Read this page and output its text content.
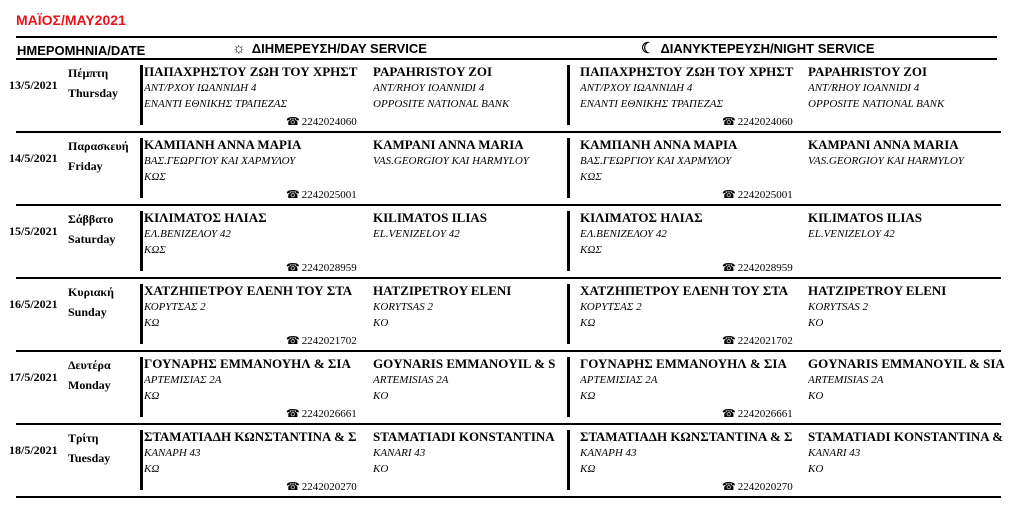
ΜΑΪΟΣ/ΜΑΥ2021
ΗΜΕΡΟΜΗΝΙΑ/DATE	☼ ΔΙΗΜΕΡΕΥΣΗ/DAY SERVICE	☾ ΔΙΑΝΥΚΤΕΡΕΥΣΗ/NIGHT SERVICE
13/5/2021
Πέμπτη
Thursday
ΠΑΠΑΧΡΗΣΤΟΥ ΖΩΗ ΤΟΥ ΧΡΗΣΤ
ΑΝΤ/ΡΧΟΥ ΙΩΑΝΝΙΔΗ 4
ΕΝΑΝΤΙ ΕΘΝΙΚΗΣ ΤΡΑΠΕΖΑΣ
☎ 2242024060
PAPAHRISTOY ZOI
ANT/RHOY IOANNIDI 4
OPPOSITE NATIONAL BANK
ΠΑΠΑΧΡΗΣΤΟΥ ΖΩΗ ΤΟΥ ΧΡΗΣΤ
ΑΝΤ/ΡΧΟΥ ΙΩΑΝΝΙΔΗ 4
ΕΝΑΝΤΙ ΕΘΝΙΚΗΣ ΤΡΑΠΕΖΑΣ
☎ 2242024060
PAPAHRISTOY ZOI
ANT/RHOY IOANNIDI 4
OPPOSITE NATIONAL BANK
14/5/2021
Παρασκευή
Friday
ΚΑΜΠΑΝΗ ΑΝΝΑ ΜΑΡΙΑ
ΒΑΣ.ΓΕΩΡΓΙΟΥ ΚΑΙ ΧΑΡΜΥΛΟΥ
ΚΩΣ
☎ 2242025001
KAMPANI ANNA MARIA
VAS.GEORGIOY KAI HARMYLOY
ΚΑΜΠΑΝΗ ΑΝΝΑ ΜΑΡΙΑ
ΒΑΣ.ΓΕΩΡΓΙΟΥ ΚΑΙ ΧΑΡΜΥΛΟΥ
ΚΩΣ
☎ 2242025001
KAMPANI ANNA MARIA
VAS.GEORGIOY KAI HARMYLOY
15/5/2021
Σάββατο
Saturday
ΚΙΛΙΜΑΤΟΣ ΗΛΙΑΣ
ΕΛ.ΒΕΝΙΖΕΛΟΥ 42
ΚΩΣ
☎ 2242028959
KILIMATOS ILIAS
EL.VENIZELOY 42
ΚΙΛΙΜΑΤΟΣ ΗΛΙΑΣ
ΕΛ.ΒΕΝΙΖΕΛΟΥ 42
ΚΩΣ
☎ 2242028959
KILIMATOS ILIAS
EL.VENIZELOY 42
16/5/2021
Κυριακή
Sunday
ΧΑΤΖΗΠΕΤΡΟΥ ΕΛΕΝΗ ΤΟΥ ΣΤΑ
ΚΟΡΥΤΣΑΣ 2
ΚΩ
☎ 2242021702
HATZIPETROY ELENI
KORYTSAS 2
KO
ΧΑΤΖΗΠΕΤΡΟΥ ΕΛΕΝΗ ΤΟΥ ΣΤΑ
ΚΟΡΥΤΣΑΣ 2
ΚΩ
☎ 2242021702
HATZIPETROY ELENI
KORYTSAS 2
KO
17/5/2021
Δευτέρα
Monday
ΓΟΥΝΑΡΗΣ ΕΜΜΑΝΟΥΗΛ & ΣΙΑ
ΑΡΤΕΜΙΣΙΑΣ 2Α
ΚΩ
☎ 2242026661
GOYNARIS EMMANOYIL & S
ARTEMISIAS 2A
KO
ΓΟΥΝΑΡΗΣ ΕΜΜΑΝΟΥΗΛ & ΣΙΑ
ΑΡΤΕΜΙΣΙΑΣ 2Α
ΚΩ
☎ 2242026661
GOYNARIS EMMANOYIL & SIA
ARTEMISIAS 2A
KO
18/5/2021
Τρίτη
Tuesday
ΣΤΑΜΑΤΙΑΔΗ ΚΩΝΣΤΑΝΤΙΝΑ & Σ
ΚΑΝΑΡΗ 43
ΚΩ
☎ 2242020270
STAMATIADI KONSTANTINA
KANARI 43
KO
ΣΤΑΜΑΤΙΑΔΗ ΚΩΝΣΤΑΝΤΙΝΑ & Σ
ΚΑΝΑΡΗ 43
ΚΩ
☎ 2242020270
STAMATIADI KONSTANTINA &
KANARI 43
KO
